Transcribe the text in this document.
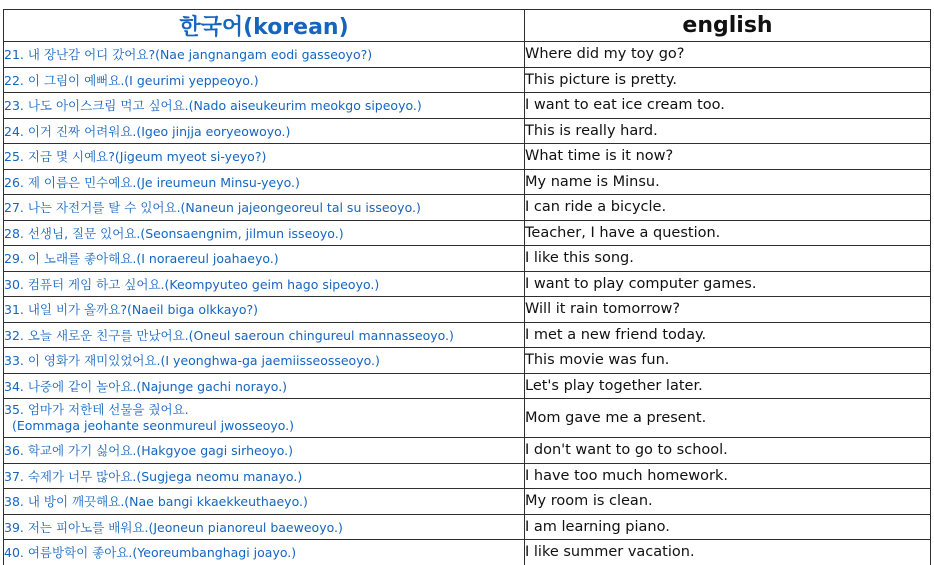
한국어(korean)	english
21. 내 장난감 어디 갔어요?(Nae jangnangam eodi gasseoyo?)	Where did my toy go?
22. 이 그림이 예뻐요.(I geurimi yeppeoyo.)	This picture is pretty.
23. 나도 아이스크림 먹고 싶어요.(Nado aiseukeurim meokgo sipeoyo.)	I want to eat ice cream too.
24. 이거 진짜 어려워요.(Igeo jinjja eoryeowoyo.)	This is really hard.
25. 지금 몇 시예요?(Jigeum myeot si-yeyo?)	What time is it now?
26. 제 이름은 민수예요.(Je ireumeun Minsu-yeyo.)	My name is Minsu.
27. 나는 자전거를 탈 수 있어요.(Naneun jajeongeoreul tal su isseoyo.)	I can ride a bicycle.
28. 선생님, 질문 있어요.(Seonsaengnim, jilmun isseoyo.)	Teacher, I have a question.
29. 이 노래를 좋아해요.(I noraereul joahaeyo.)	I like this song.
30. 컴퓨터 게임 하고 싶어요.(Keompyuteo geim hago sipeoyo.)	I want to play computer games.
31. 내일 비가 올까요?(Naeil biga olkkayo?)	Will it rain tomorrow?
32. 오늘 새로운 친구를 만났어요.(Oneul saeroun chingureul mannasseoyo.)	I met a new friend today.
33. 이 영화가 재미있었어요.(I yeonghwa-ga jaemiisseosseoyo.)	This movie was fun.
34. 나중에 같이 놀아요.(Najunge gachi norayo.)	Let's play together later.

35. 엄마가 저한테 선물을 줬어요.
(Eommaga jeohante seonmureul jwosseoyo.)	Mom gave me a present.
36. 학교에 가기 싫어요.(Hakgyoe gagi sirheoyo.)	I don't want to go to school.
37. 숙제가 너무 많아요.(Sugjega neomu manayo.)	I have too much homework.
38. 내 방이 깨끗해요.(Nae bangi kkaekkeuthaeyo.)	My room is clean.
39. 저는 피아노를 배워요.(Jeoneun pianoreul baeweoyo.)	I am learning piano.
40. 여름방학이 좋아요.(Yeoreumbanghagi joayo.)	I like summer vacation.
